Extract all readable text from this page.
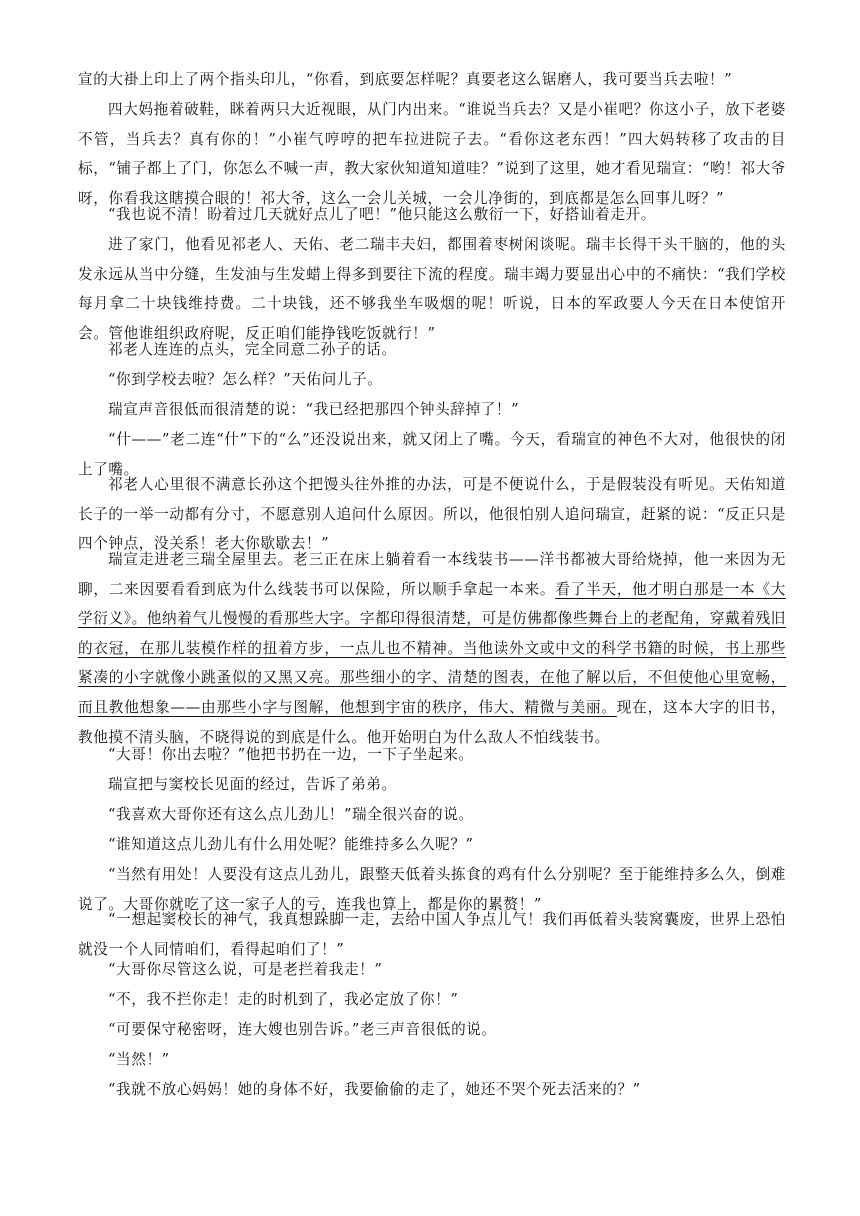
宣的大褂上印上了两个指头印儿，“你看，到底要怎样呢？真要老这么锯磨人，我可要当兵去啦！”

四大妈拖着破鞋，眯着两只大近视眼，从门内出来。“谁说当兵去？又是小崔吧？你这小子，放下老婆不管，当兵去？真有你的！”小崔气哼哼的把车拉进院子去。“看你这老东西！”四大妈转移了攻击的目标，“铺子都上了门，你怎么不喊一声，教大家伙知道知道哇？”说到了这里，她才看见瑞宣：“哟！祁大爷呀，你看我这瞎摸合眼的！祁大爷，这么一会儿关城，一会儿净街的，到底都是怎么回事儿呀？”

“我也说不清！盼着过几天就好点儿了吧！”他只能这么敷衍一下，好搭讪着走开。

进了家门，他看见祁老人、天佑、老二瑞丰夫妇，都围着枣树闲谈呢。瑞丰长得干头干脑的，他的头发永远从当中分缝，生发油与生发蜡上得多到要往下流的程度。瑞丰竭力要显出心中的不痛快：“我们学校每月拿二十块钱维持费。二十块钱，还不够我坐车吸烟的呢！听说，日本的军政要人今天在日本使馆开会。管他谁组织政府呢，反正咱们能挣钱吃饭就行！”

祁老人连连的点头，完全同意二孙子的话。

“你到学校去啦？怎么样？”天佑问儿子。

瑞宣声音很低而很清楚的说：“我已经把那四个钟头辞掉了！”

“什——”老二连“什”下的“么”还没说出来，就又闭上了嘴。今天，看瑞宣的神色不大对，他很快的闭上了嘴。

祁老人心里很不满意长孙这个把馒头往外推的办法，可是不便说什么，于是假装没有听见。天佑知道长子的一举一动都有分寸，不愿意别人追问什么原因。所以，他很怕别人追问瑞宣，赶紧的说：“反正只是四个钟点，没关系！老大你歇歇去！”

瑞宣走进老三瑞全屋里去。老三正在床上躺着看一本线装书——洋书都被大哥给烧掉，他一来因为无聊，二来因要看看到底为什么线装书可以保险，所以顺手拿起一本来。看了半天，他才明白那是一本《大学衍义》。他纳着气儿慢慢的看那些大字。字都印得很清楚，可是仿佛都像些舞台上的老配角，穿戴着残旧的衣冠，在那儿装模作样的扭着方步，一点儿也不精神。当他读外文或中文的科学书籍的时候，书上那些紧凑的小字就像小跳蚤似的又黑又亮。那些细小的字、清楚的图表，在他了解以后，不但使他心里宽畅，而且教他想象——由那些小字与图解，他想到宇宙的秩序，伟大、精微与美丽。现在，这本大字的旧书，教他摸不清头脑，不晓得说的到底是什么。他开始明白为什么敌人不怕线装书。

“大哥！你出去啦？”他把书扔在一边，一下子坐起来。

瑞宣把与窦校长见面的经过，告诉了弟弟。

“我喜欢大哥你还有这么点儿劲儿！”瑞全很兴奋的说。

“谁知道这点儿劲儿有什么用处呢？能维持多么久呢？”

“当然有用处！人要没有这点儿劲儿，跟整天低着头拣食的鸡有什么分别呢？至于能维持多么久，倒难说了。大哥你就吃了这一家子人的亏，连我也算上，都是你的累赘！”

“一想起窦校长的神气，我真想跺脚一走，去给中国人争点儿气！我们再低着头装窝囊废，世界上恐怕就没一个人同情咱们，看得起咱们了！”

“大哥你尽管这么说，可是老拦着我走！”

“不，我不拦你走！走的时机到了，我必定放了你！”

“可要保守秘密呀，连大嫂也别告诉。”老三声音很低的说。

“当然！”

“我就不放心妈妈！她的身体不好，我要偷偷的走了，她还不哭个死去活来的？”
